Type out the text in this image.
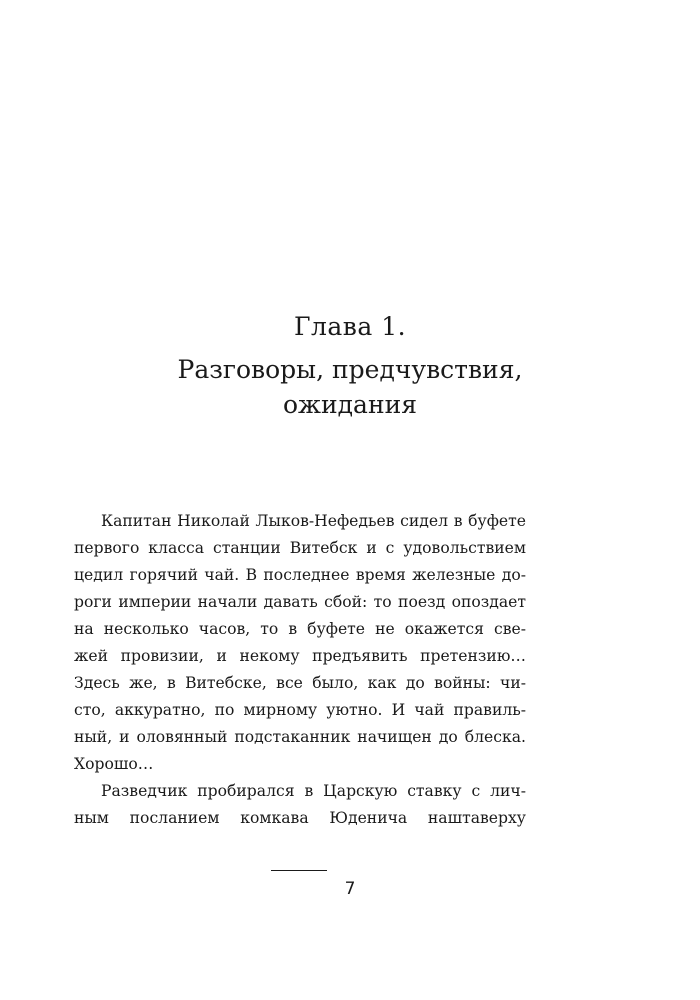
Глава 1.
Разговоры, предчувствия,
ожидания

Капитан Николай Лыков-Нефедьев сидел в буфете
первого класса станции Витебск и с удовольствием
цедил горячий чай. В последнее время железные до-
роги империи начали давать сбой: то поезд опоздает
на несколько часов, то в буфете не окажется све-
жей провизии, и некому предъявить претензию…
Здесь же, в Витебске, все было, как до войны: чи-
сто, аккуратно, по мирному уютно. И чай правиль-
ный, и оловянный подстаканник начищен до блеска.
Хорошо…

Разведчик пробирался в Царскую ставку с лич-
ным посланием комкава Юденича наштаверху

7
